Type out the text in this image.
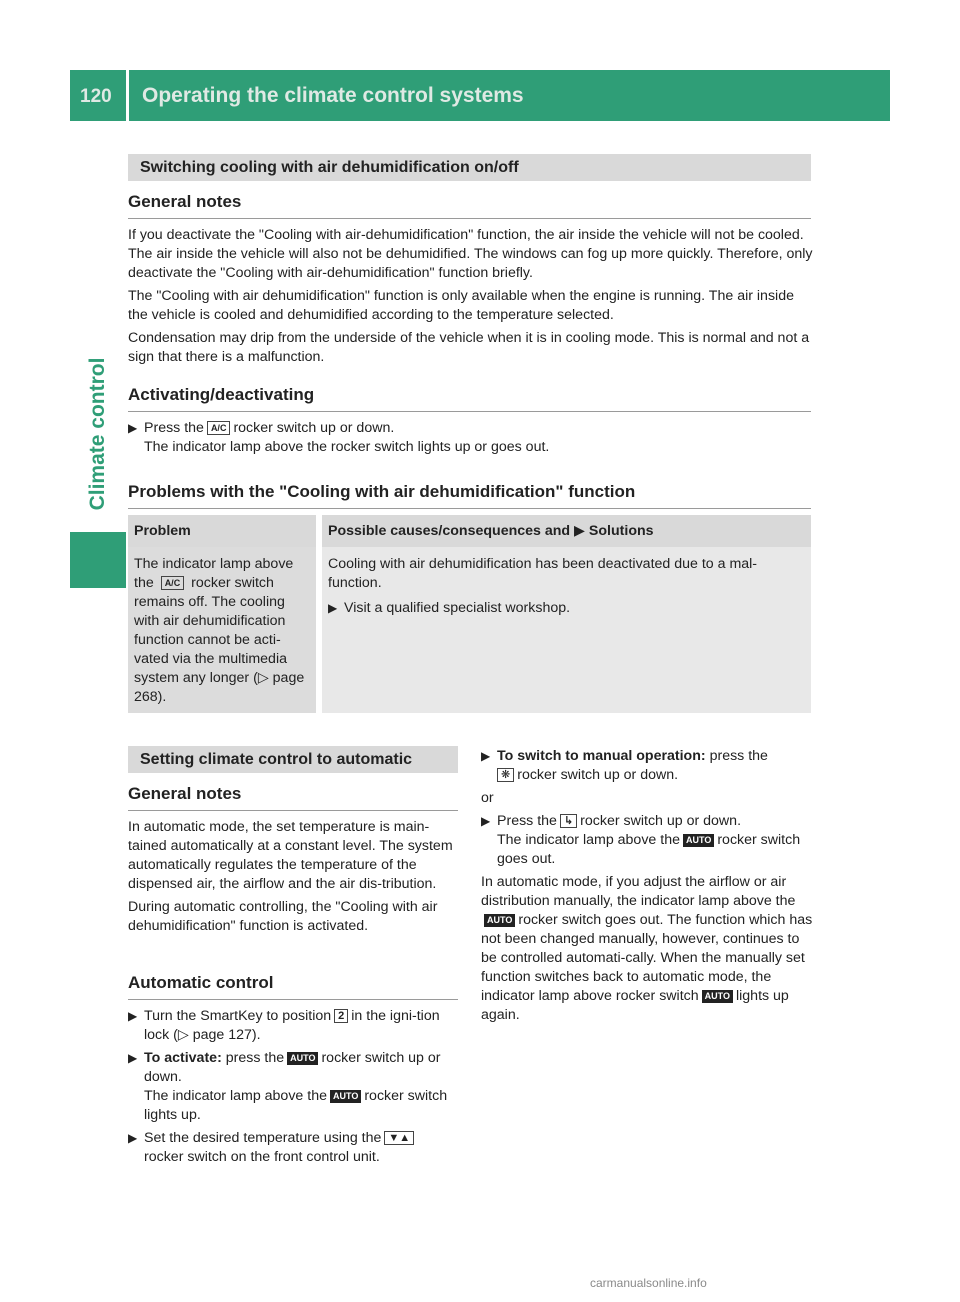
120	Operating the climate control systems
Climate control
Switching cooling with air dehumidification on/off
General notes

If you deactivate the "Cooling with air-dehumidification" function, the air inside the vehicle will not be cooled. The air inside the vehicle will also not be dehumidified. The windows can fog up more quickly. Therefore, only deactivate the "Cooling with air-dehumidification" function briefly.

The "Cooling with air dehumidification" function is only available when the engine is running. The air inside the vehicle is cooled and dehumidified according to the temperature selected.

Condensation may drip from the underside of the vehicle when it is in cooling mode. This is normal and not a sign that there is a malfunction.

Activating/deactivating
▶ Press the A/C rocker switch up or down.
The indicator lamp above the rocker switch lights up or goes out.
Problems with the "Cooling with air dehumidification" function
Problem	Possible causes/consequences and ▶ Solutions
The indicator lamp above the A/C rocker switch remains off. The cooling with air dehumidification function cannot be acti-vated via the multimedia system any longer (▷ page 268).	Cooling with air dehumidification has been deactivated due to a mal-function.
▶ Visit a qualified specialist workshop.
Setting climate control to automatic
General notes

In automatic mode, the set temperature is main-tained automatically at a constant level. The system automatically regulates the temperature of the dispensed air, the airflow and the air dis-tribution.

During automatic controlling, the "Cooling with air dehumidification" function is activated.

Automatic control
▶ Turn the SmartKey to position 2 in the igni-tion lock (▷ page 127).
▶ To activate: press the AUTO rocker switch up or down.
The indicator lamp above the AUTO rocker switch lights up.
▶ Set the desired temperature using the ▼▲
rocker switch on the front control unit.
▶ To switch to manual operation: press the
❋ rocker switch up or down.
or
▶ Press the ↳ rocker switch up or down.
The indicator lamp above the AUTO rocker switch goes out.
In automatic mode, if you adjust the airflow or air distribution manually, the indicator lamp above theAUTO rocker switch goes out. The function which has not been changed manually, however, continues to be controlled automati-cally. When the manually set function switches back to automatic mode, the indicator lamp above rocker switch AUTO lights up again.
carmanualsonline.info
